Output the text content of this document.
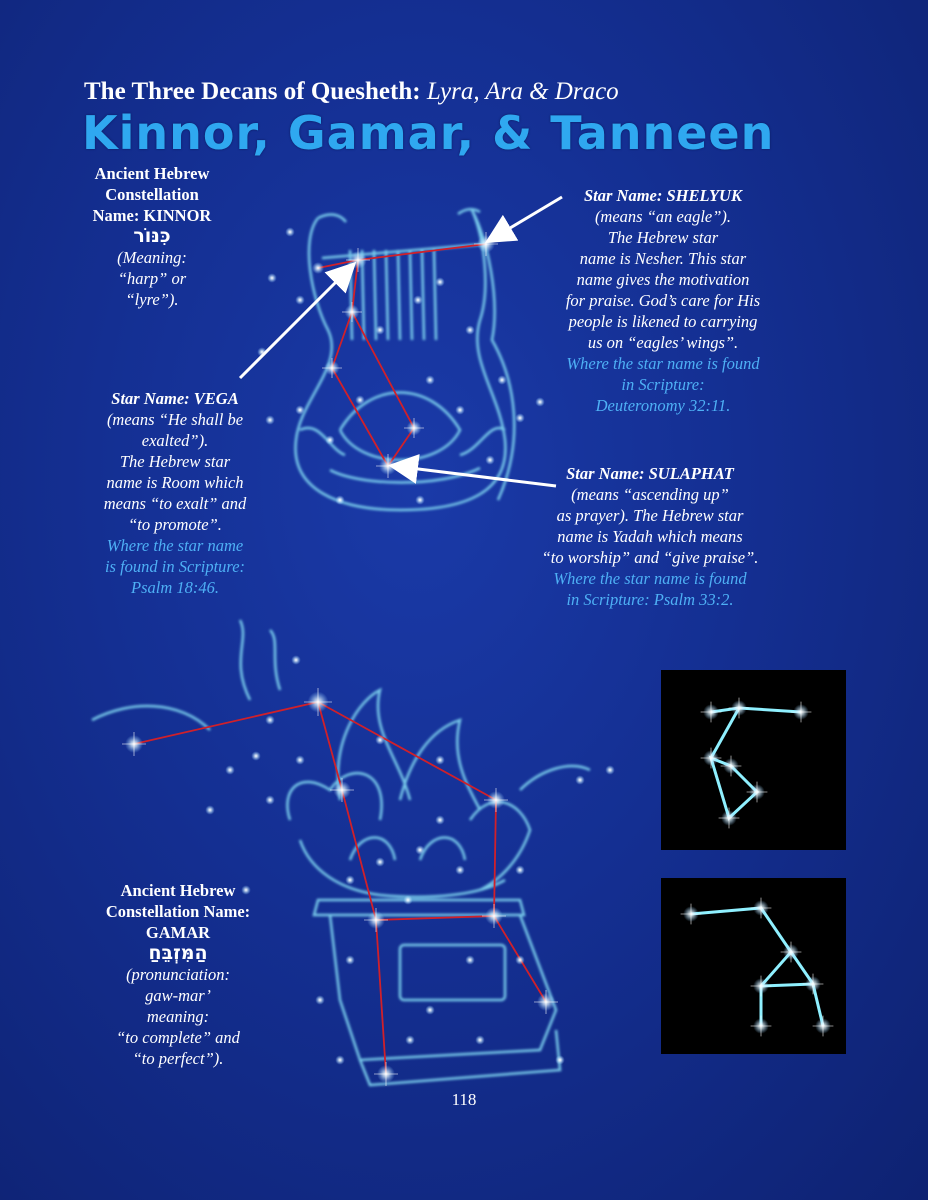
The Three Decans of Quesheth: Lyra, Ara & Draco
Kinnor, Gamar, & Tanneen
Ancient Hebrew
Constellation
Name: KINNOR
כִּנּוֹר
(Meaning:
“harp” or
“lyre”).
Star Name: SHELYUK
(means “an eagle”).
The Hebrew star
name is Nesher. This star
name gives the motivation
for praise. God’s care for His
people is likened to carrying
us on “eagles’ wings”.
Where the star name is found
in Scripture:
Deuteronomy 32:11.
Star Name: VEGA
(means “He shall be
exalted”).
The Hebrew star
name is Room which
means “to exalt” and
“to promote”.
Where the star name
is found in Scripture:
Psalm 18:46.
Star Name: SULAPHAT
(means “ascending up”
as prayer). The Hebrew star
name is Yadah which means
“to worship” and “give praise”.
Where the star name is found
in Scripture: Psalm 33:2.
Ancient Hebrew
Constellation Name:
GAMAR
הַמִּזְבֵּחַ
(pronunciation:
gaw-mar’
meaning:
“to complete” and
“to perfect”).
118
